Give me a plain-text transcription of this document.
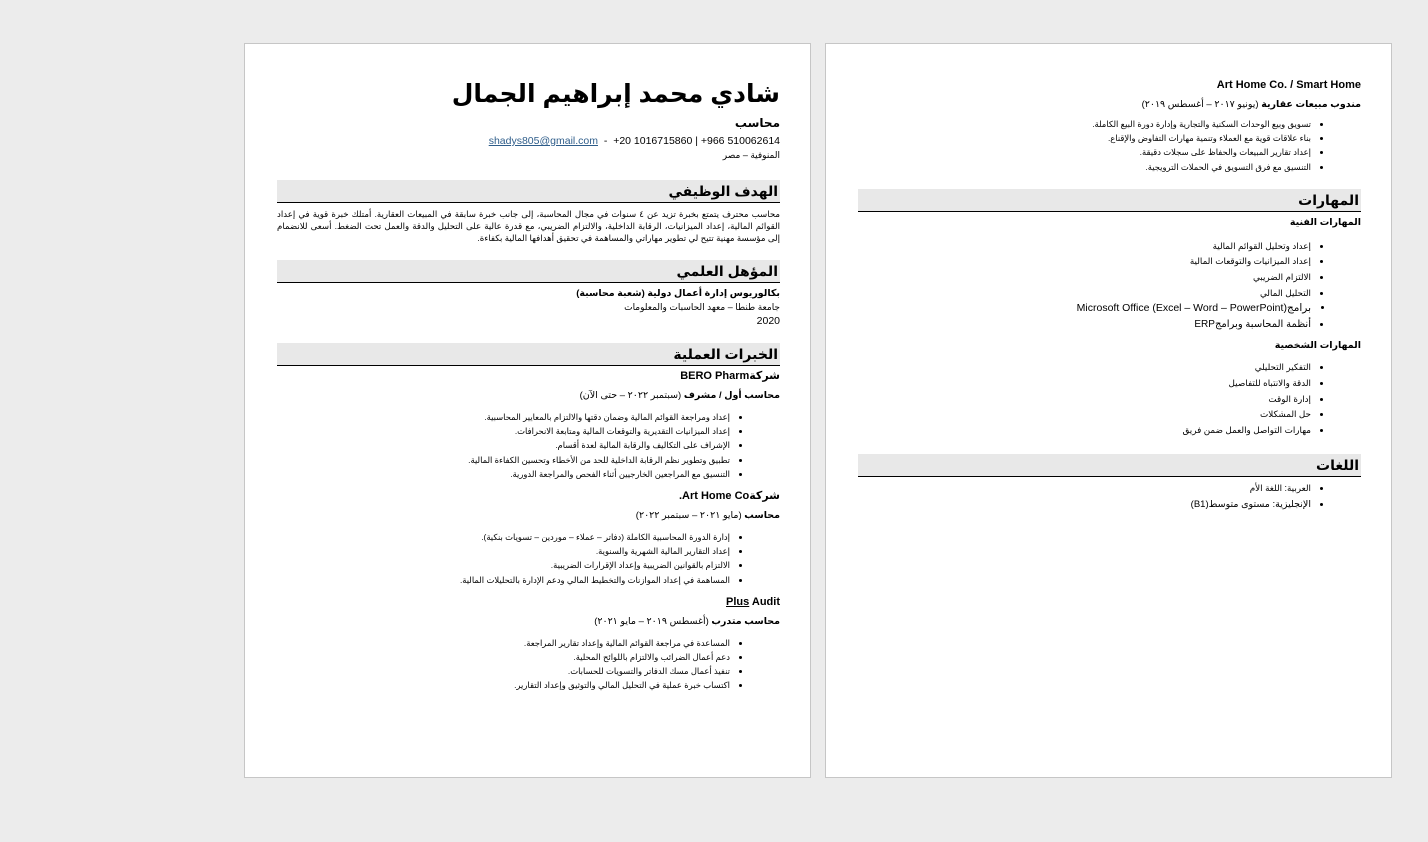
شادي محمد إبراهيم الجمال
محاسب
+20 1016715860 | +966 510062614  -  shadys805@gmail.com
المنوفية – مصر
الهدف الوظيفي
محاسب محترف يتمتع بخبرة تزيد عن ٤ سنوات في مجال المحاسبة، إلى جانب خبرة سابقة في المبيعات العقارية. أمتلك خبرة قوية في إعداد القوائم المالية، إعداد الميزانيات، الرقابة الداخلية، والالتزام الضريبي، مع قدرة عالية على التحليل والدقة والعمل تحت الضغط. أسعى للانضمام إلى مؤسسة مهنية تتيح لي تطوير مهاراتي والمساهمة في تحقيق أهدافها المالية بكفاءة.
المؤهل العلمي
بكالوريوس إدارة أعمال دولية (شعبة محاسبة)
جامعة طنطا – معهد الحاسبات والمعلومات
2020
الخبرات العملية
شركةBERO Pharm
محاسب أول / مشرف (سبتمبر ٢٠٢٢ – حتى الآن)
• إعداد ومراجعة القوائم المالية وضمان دقتها والالتزام بالمعايير المحاسبية.
• إعداد الميزانيات التقديرية والتوقعات المالية ومتابعة الانحرافات.
• الإشراف على التكاليف والرقابة المالية لعدة أقسام.
• تطبيق وتطوير نظم الرقابة الداخلية للحد من الأخطاء وتحسين الكفاءة المالية.
• التنسيق مع المراجعين الخارجيين أثناء الفحص والمراجعة الدورية.
شركةArt Home Co.
محاسب (مايو ٢٠٢١ – سبتمبر ٢٠٢٢)
• إدارة الدورة المحاسبية الكاملة (دفاتر – عملاء – موردين – تسويات بنكية).
• إعداد التقارير المالية الشهرية والسنوية.
• الالتزام بالقوانين الضريبية وإعداد الإقرارات الضريبية.
• المساهمة في إعداد الموازنات والتخطيط المالي ودعم الإدارة بالتحليلات المالية.
Plus Audit
محاسب متدرب (أغسطس ٢٠١٩ – مايو ٢٠٢١)
• المساعدة في مراجعة القوائم المالية وإعداد تقارير المراجعة.
• دعم أعمال الضرائب والالتزام باللوائح المحلية.
• تنفيذ أعمال مسك الدفاتر والتسويات للحسابات.
• اكتساب خبرة عملية في التحليل المالي والتوثيق وإعداد التقارير.
Art Home Co. / Smart Home
مندوب مبيعات عقارية (يونيو ٢٠١٧ – أغسطس ٢٠١٩)
• تسويق وبيع الوحدات السكنية والتجارية وإدارة دورة البيع الكاملة.
• بناء علاقات قوية مع العملاء وتنمية مهارات التفاوض والإقناع.
• إعداد تقارير المبيعات والحفاظ على سجلات دقيقة.
• التنسيق مع فرق التسويق في الحملات الترويجية.
المهارات
المهارات الفنية
• إعداد وتحليل القوائم المالية
• إعداد الميزانيات والتوقعات المالية
• الالتزام الضريبي
• التحليل المالي
• برامج(Microsoft Office (Excel – Word – PowerPoint
• أنظمة المحاسبة وبرامجERP
المهارات الشخصية
• التفكير التحليلي
• الدقة والانتباه للتفاصيل
• إدارة الوقت
• حل المشكلات
• مهارات التواصل والعمل ضمن فريق
اللغات
• العربية: اللغة الأم
• الإنجليزية: مستوى متوسط(B1)
